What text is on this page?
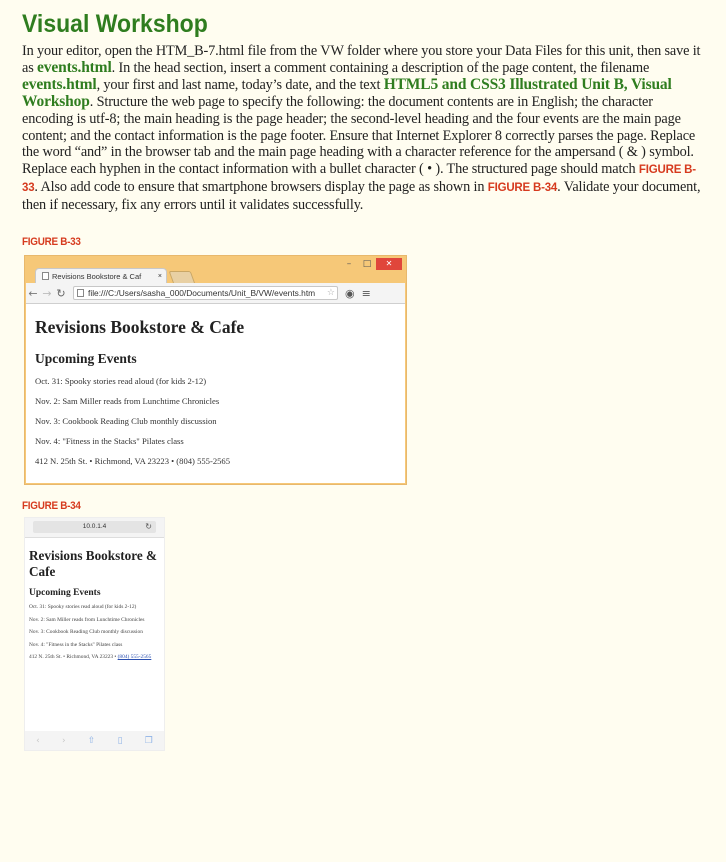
Visual Workshop
In your editor, open the HTM_B-7.html file from the VW folder where you store your Data Files for this unit, then save it as events.html. In the head section, insert a comment containing a description of the page content, the filename events.html, your first and last name, today’s date, and the text HTML5 and CSS3 Illustrated Unit B, Visual Workshop. Structure the web page to specify the following: the document contents are in English; the character encoding is utf-8; the main heading is the page header; the second-level heading and the four events are the main page content; and the contact information is the page footer. Ensure that Internet Explorer 8 correctly parses the page. Replace the word “and” in the browser tab and the main page heading with a character reference for the ampersand ( & ) symbol. Replace each hyphen in the contact information with a bullet character ( • ). The structured page should match FIGURE B-33. Also add code to ensure that smartphone browsers display the page as shown in FIGURE B-34. Validate your document, then if necessary, fix any errors until it validates successfully.
FIGURE B-33
–	□	✕
Revisions Bookstore & Caf ×
← → ↻	file:///C:/Users/sasha_000/Documents/Unit_B/VW/events.htm ☆ ◉ ≡
Revisions Bookstore & Cafe
Upcoming Events
Oct. 31: Spooky stories read aloud (for kids 2-12)
Nov. 2: Sam Miller reads from Lunchtime Chronicles
Nov. 3: Cookbook Reading Club monthly discussion
Nov. 4: "Fitness in the Stacks" Pilates class
412 N. 25th St. • Richmond, VA 23223 • (804) 555-2565
FIGURE B-34
10.0.1.4	↻
Revisions Bookstore & Cafe
Upcoming Events
Oct. 31: Spooky stories read aloud (for kids 2-12)
Nov. 2: Sam Miller reads from Lunchtime Chronicles
Nov. 3: Cookbook Reading Club monthly discussion
Nov. 4: "Fitness in the Stacks" Pilates class
412 N. 25th St. • Richmond, VA 23223 • (804) 555-2565
‹ › ⇧ ▯ ❐
